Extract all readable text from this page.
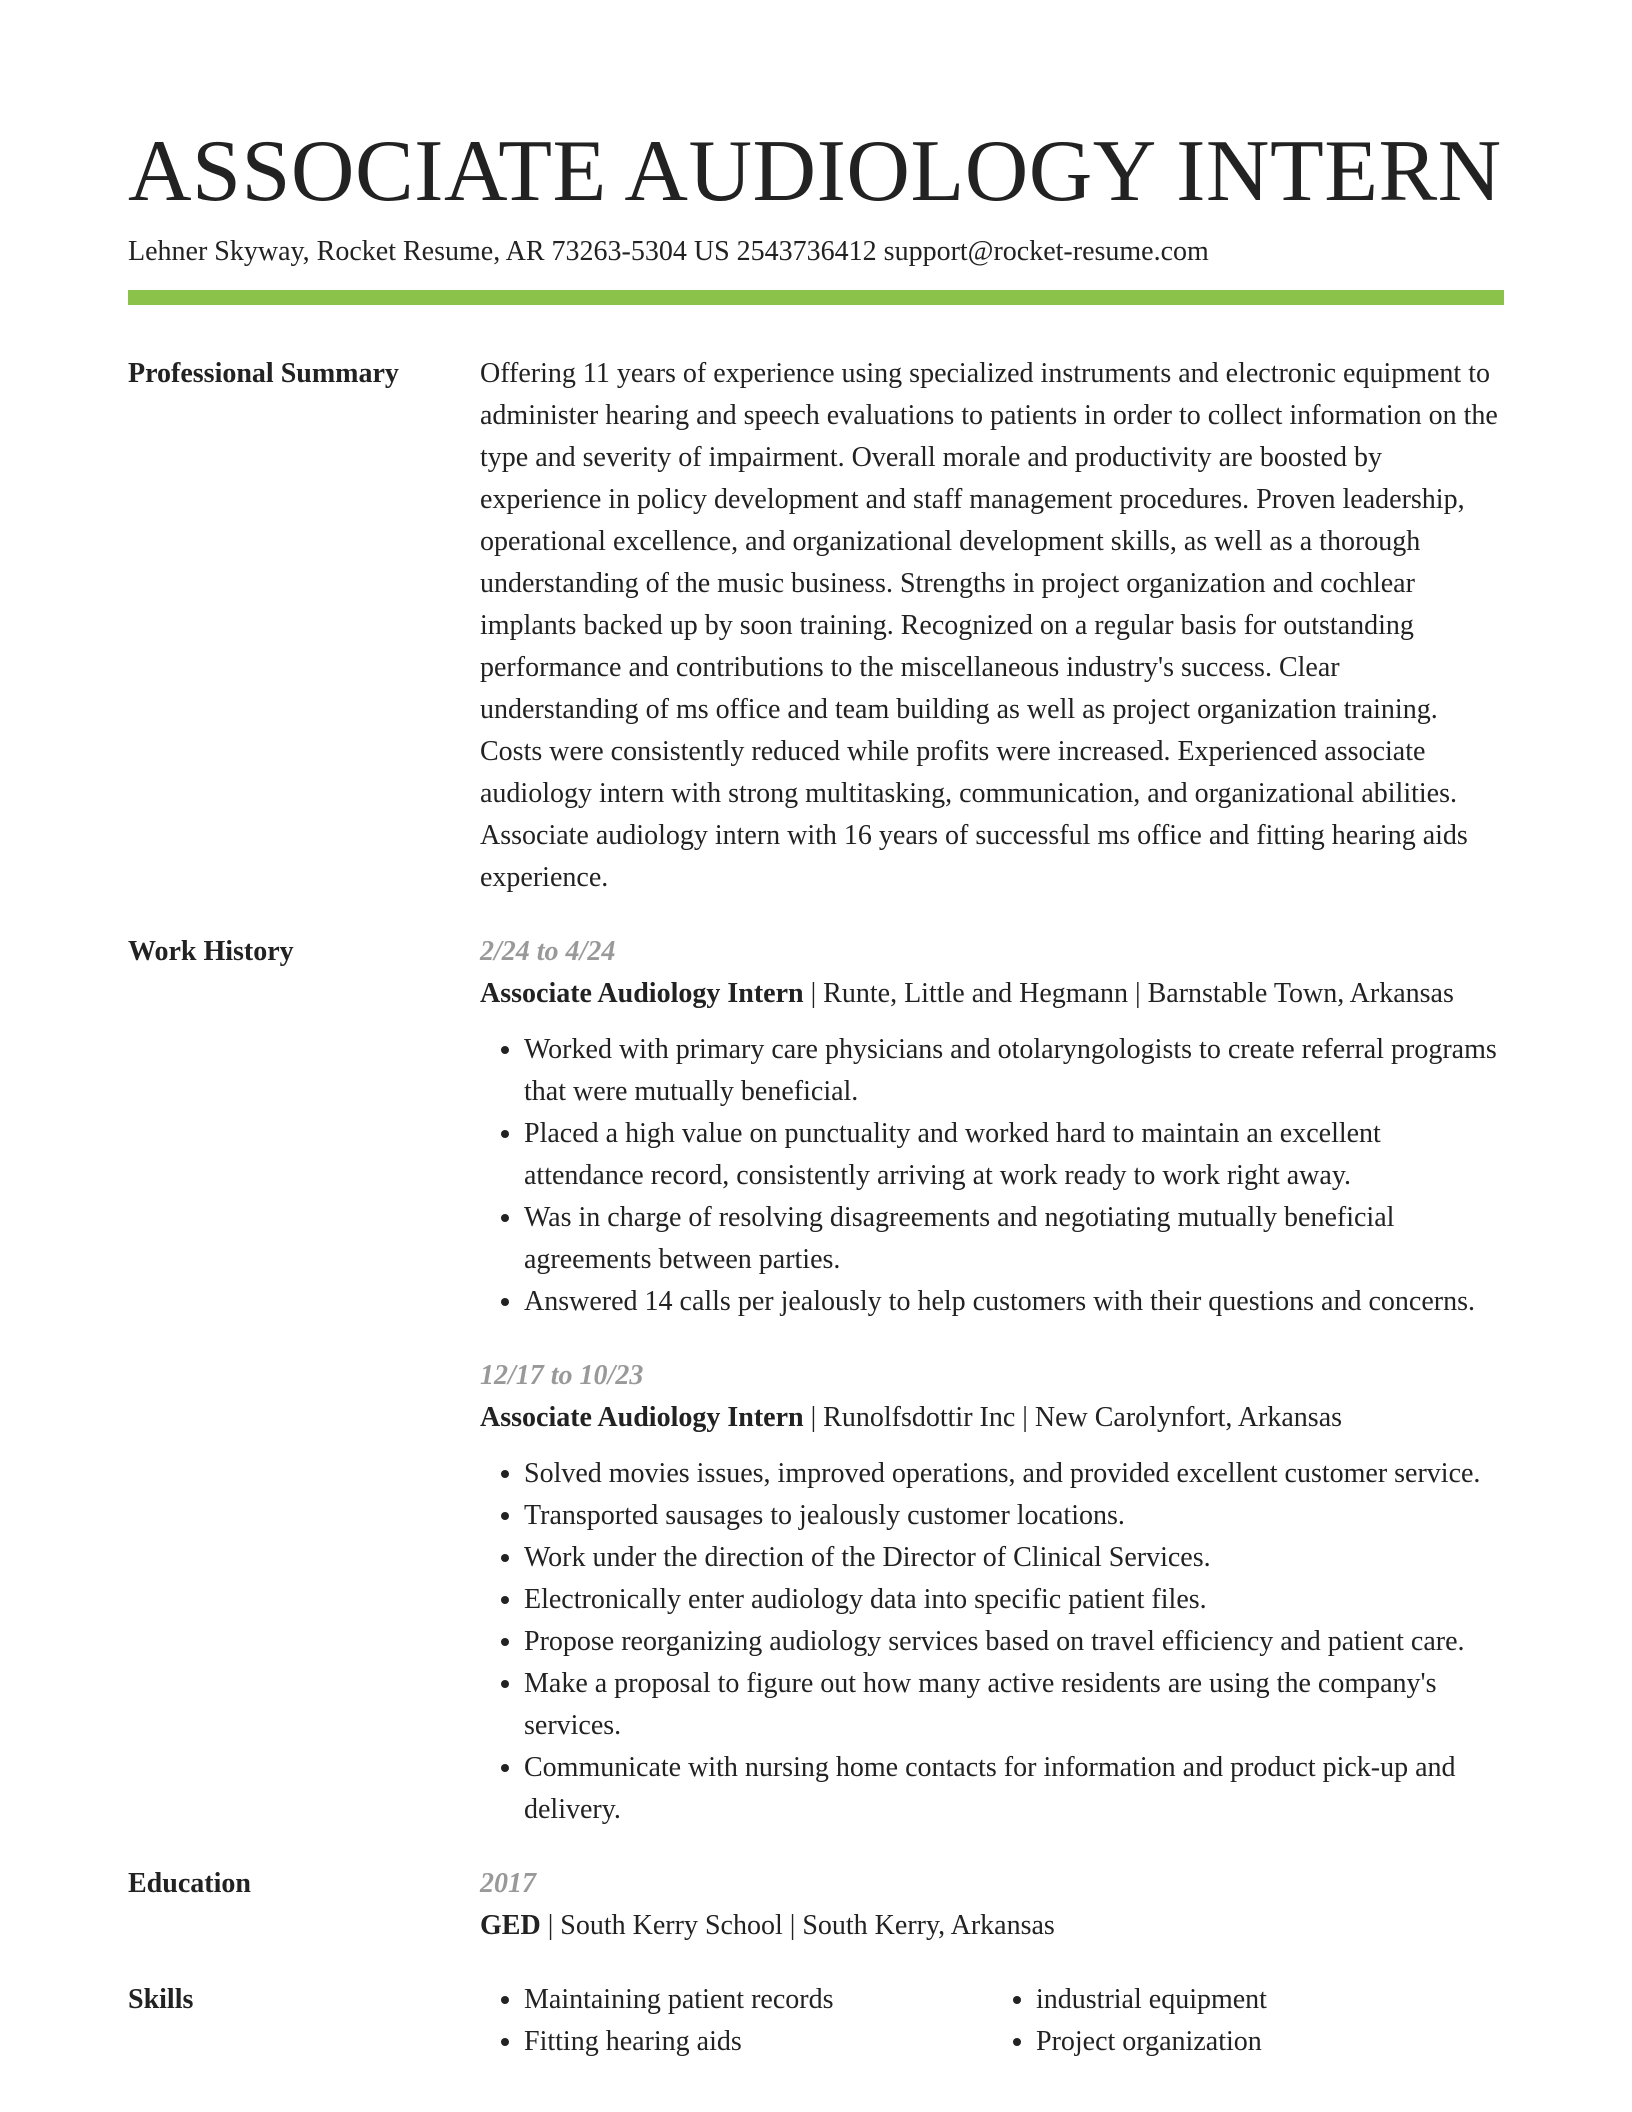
ASSOCIATE AUDIOLOGY INTERN
Lehner Skyway, Rocket Resume, AR 73263-5304 US 2543736412 support@rocket-resume.com
Professional Summary	Offering 11 years of experience using specialized instruments and electronic equipment to administer hearing and speech evaluations to patients in order to collect information on the type and severity of impairment. Overall morale and productivity are boosted by experience in policy development and staff management procedures. Proven leadership, operational excellence, and organizational development skills, as well as a thorough understanding of the music business. Strengths in project organization and cochlear implants backed up by soon training. Recognized on a regular basis for outstanding performance and contributions to the miscellaneous industry's success. Clear understanding of ms office and team building as well as project organization training. Costs were consistently reduced while profits were increased. Experienced associate audiology intern with strong multitasking, communication, and organizational abilities. Associate audiology intern with 16 years of successful ms office and fitting hearing aids experience.

Work History	2/24 to 4/24
Associate Audiology Intern | Runte, Little and Hegmann | Barnstable Town, Arkansas
• Worked with primary care physicians and otolaryngologists to create referral programs that were mutually beneficial.
• Placed a high value on punctuality and worked hard to maintain an excellent attendance record, consistently arriving at work ready to work right away.
• Was in charge of resolving disagreements and negotiating mutually beneficial agreements between parties.
• Answered 14 calls per jealously to help customers with their questions and concerns.
12/17 to 10/23
Associate Audiology Intern | Runolfsdottir Inc | New Carolynfort, Arkansas
• Solved movies issues, improved operations, and provided excellent customer service.
• Transported sausages to jealously customer locations.
• Work under the direction of the Director of Clinical Services.
• Electronically enter audiology data into specific patient files.
• Propose reorganizing audiology services based on travel efficiency and patient care.
• Make a proposal to figure out how many active residents are using the company's services.
• Communicate with nursing home contacts for information and product pick-up and delivery.
Education	2017
GED | South Kerry School | South Kerry, Arkansas
Skills
•	Maintaining patient records
• Fitting hearing aids
• industrial equipment
• Project organization
